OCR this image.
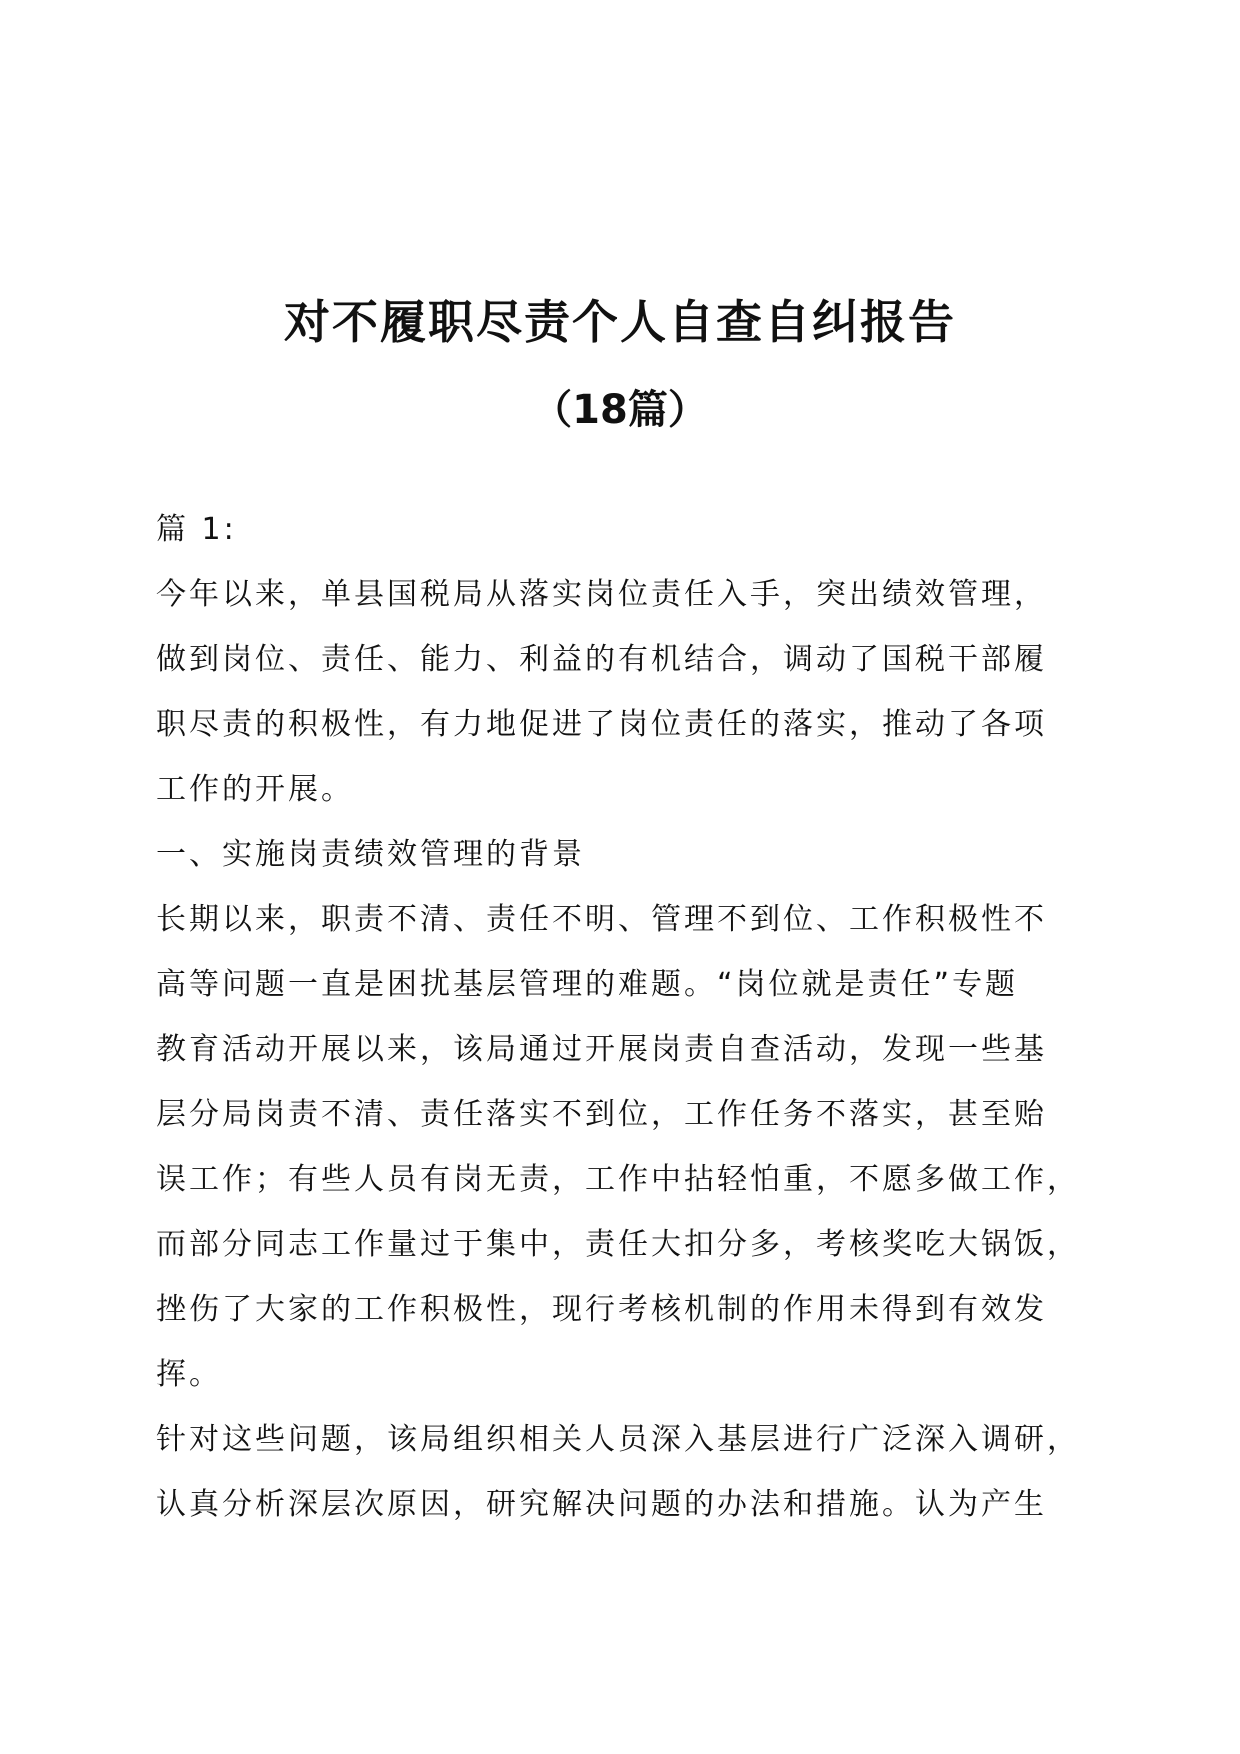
对不履职尽责个人自查自纠报告
（18篇）
篇 1:
今年以来，单县国税局从落实岗位责任入手，突出绩效管理，
做到岗位、责任、能力、利益的有机结合，调动了国税干部履
职尽责的积极性，有力地促进了岗位责任的落实，推动了各项
工作的开展。
一、实施岗责绩效管理的背景
长期以来，职责不清、责任不明、管理不到位、工作积极性不
高等问题一直是困扰基层管理的难题。“岗位就是责任”专题
教育活动开展以来，该局通过开展岗责自查活动，发现一些基
层分局岗责不清、责任落实不到位，工作任务不落实，甚至贻
误工作；有些人员有岗无责，工作中拈轻怕重，不愿多做工作，
而部分同志工作量过于集中，责任大扣分多，考核奖吃大锅饭，
挫伤了大家的工作积极性，现行考核机制的作用未得到有效发
挥。
针对这些问题，该局组织相关人员深入基层进行广泛深入调研，
认真分析深层次原因，研究解决问题的办法和措施。认为产生
